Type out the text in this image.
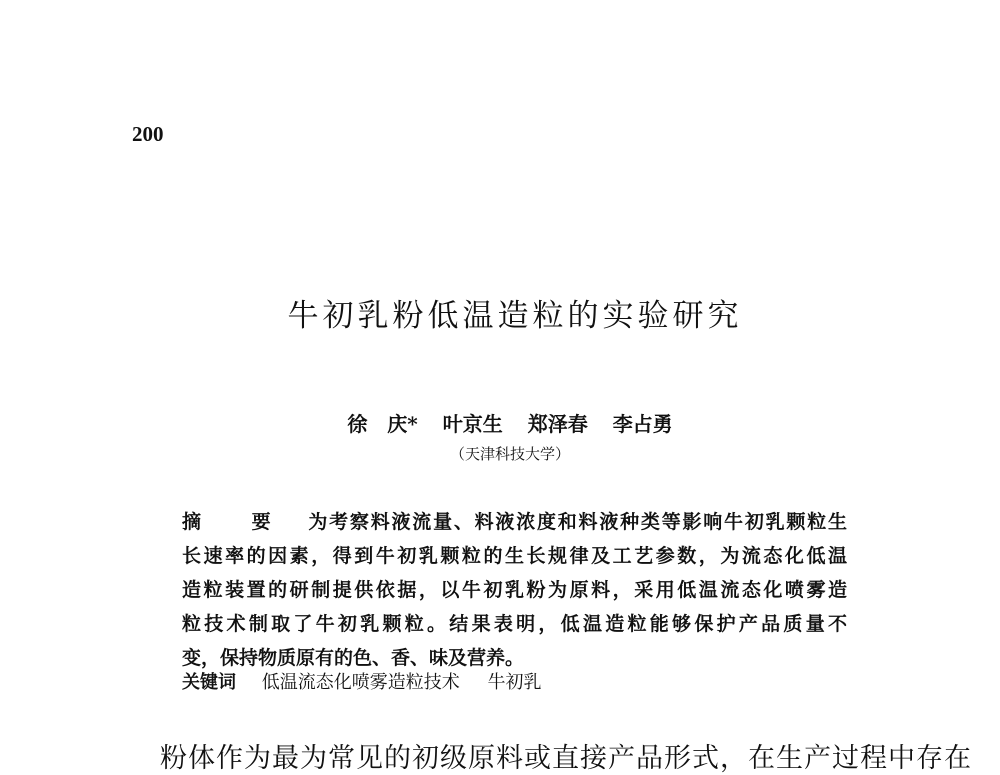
200
牛初乳粉低温造粒的实验研究
徐　庆* 叶京生 郑泽春 李占勇
（天津科技大学）
摘　要 为考察料液流量、料液浓度和料液种类等影响牛初乳颗粒生
长速率的因素，得到牛初乳颗粒的生长规律及工艺参数，为流态化低温
造粒装置的研制提供依据，以牛初乳粉为原料，采用低温流态化喷雾造
粒技术制取了牛初乳颗粒。结果表明，低温造粒能够保护产品质量不
变，保持物质原有的色、香、味及营养。
关键词 低温流态化喷雾造粒技术 牛初乳
粉体作为最为常见的初级原料或直接产品形式，在生产过程中存在
